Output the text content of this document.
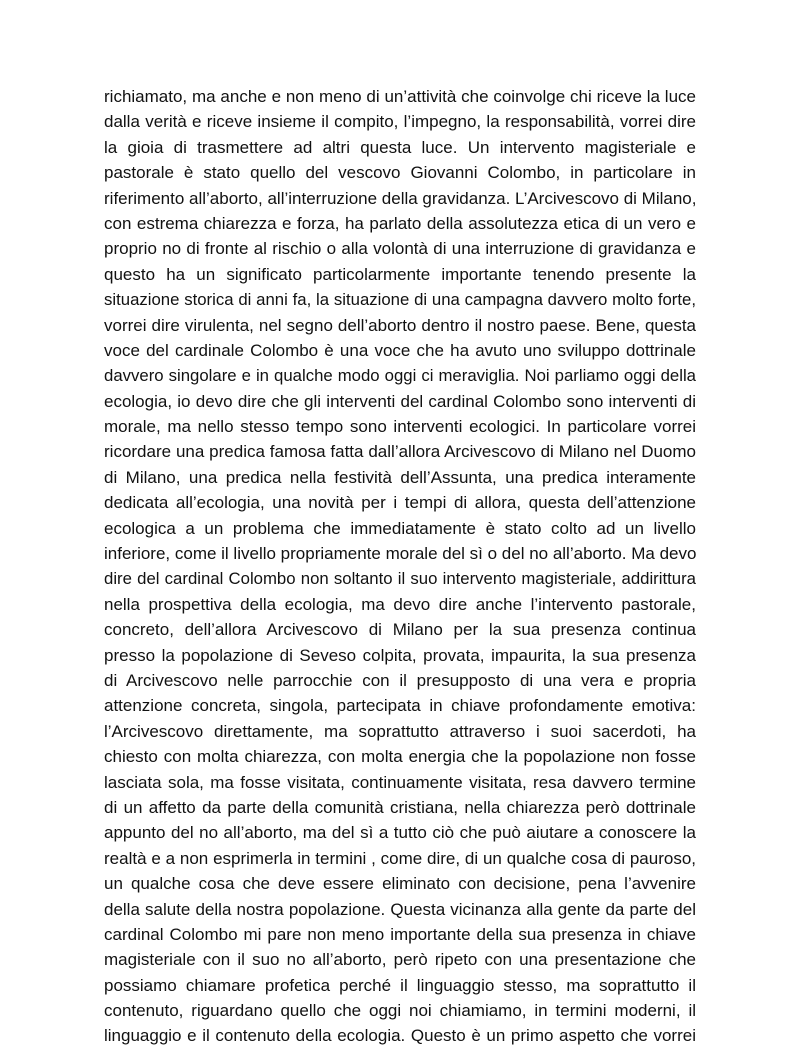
richiamato, ma anche e non meno di un’attività che coinvolge chi riceve la luce
dalla verità e riceve insieme il compito, l’impegno, la responsabilità, vorrei dire
la gioia di trasmettere ad altri questa luce. Un intervento magisteriale e
pastorale è stato quello del vescovo Giovanni Colombo, in particolare in
riferimento all’aborto, all’interruzione della gravidanza. L’Arcivescovo di Milano,
con estrema chiarezza e forza, ha parlato della assolutezza etica di un vero e
proprio no di fronte al rischio o alla volontà di una interruzione di gravidanza e
questo ha un significato particolarmente importante tenendo presente la
situazione storica di anni fa, la situazione di una campagna davvero molto forte,
vorrei dire virulenta, nel segno dell’aborto dentro il nostro paese. Bene, questa
voce del cardinale Colombo è una voce che ha avuto uno sviluppo dottrinale
davvero singolare e in qualche modo oggi ci meraviglia. Noi parliamo oggi della
ecologia, io devo dire che gli interventi del cardinal Colombo sono interventi di
morale, ma nello stesso tempo sono interventi ecologici. In particolare vorrei
ricordare una predica famosa fatta dall’allora Arcivescovo di Milano nel Duomo
di Milano, una predica nella festività dell’Assunta, una predica interamente
dedicata all’ecologia, una novità per i tempi di allora, questa dell’attenzione
ecologica a un problema che immediatamente è stato colto ad un livello
inferiore, come il livello propriamente morale del sì o del no all’aborto. Ma devo
dire del cardinal Colombo non soltanto il suo intervento magisteriale, addirittura
nella prospettiva della ecologia, ma devo dire anche l’intervento pastorale,
concreto, dell’allora Arcivescovo di Milano per la sua presenza continua
presso la popolazione di Seveso colpita, provata, impaurita, la sua presenza
di Arcivescovo nelle parrocchie con il presupposto di una vera e propria
attenzione concreta, singola, partecipata in chiave profondamente emotiva:
l’Arcivescovo direttamente, ma soprattutto attraverso i suoi sacerdoti, ha
chiesto con molta chiarezza, con molta energia che la popolazione non fosse
lasciata sola, ma fosse visitata, continuamente visitata, resa davvero termine
di un affetto da parte della comunità cristiana, nella chiarezza però dottrinale
appunto del no all’aborto, ma del sì a tutto ciò che può aiutare a conoscere la
realtà e a non esprimerla in termini , come dire, di un qualche cosa di pauroso,
un qualche cosa che deve essere eliminato con decisione, pena l’avvenire
della salute della nostra popolazione. Questa vicinanza alla gente da parte del
cardinal Colombo mi pare non meno importante della sua presenza in chiave
magisteriale con il suo no all’aborto, però ripeto con una presentazione che
possiamo chiamare profetica perché il linguaggio stesso, ma soprattutto il
contenuto, riguardano quello che oggi noi chiamiamo, in termini moderni, il
linguaggio e il contenuto della ecologia. Questo è un primo aspetto che vorrei
